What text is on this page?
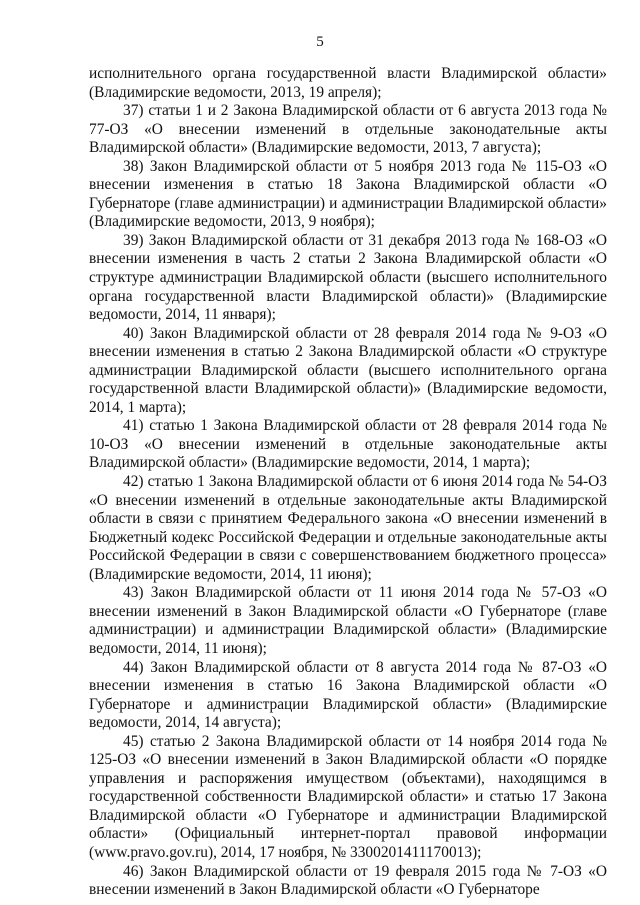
5

исполнительного органа государственной власти Владимирской области» (Владимирские ведомости, 2013, 19 апреля);

37) статьи 1 и 2 Закона Владимирской области от 6 августа 2013 года № 77-ОЗ «О внесении изменений в отдельные законодательные акты Владимирской области» (Владимирские ведомости, 2013, 7 августа);

38) Закон Владимирской области от 5 ноября 2013 года № 115-ОЗ «О внесении изменения в статью 18 Закона Владимирской области «О Губернаторе (главе администрации) и администрации Владимирской области» (Владимирские ведомости, 2013, 9 ноября);

39) Закон Владимирской области от 31 декабря 2013 года № 168-ОЗ «О внесении изменения в часть 2 статьи 2 Закона Владимирской области «О структуре администрации Владимирской области (высшего исполнительного органа государственной власти Владимирской области)» (Владимирские ведомости, 2014, 11 января);

40) Закон Владимирской области от 28 февраля 2014 года № 9-ОЗ «О внесении изменения в статью 2 Закона Владимирской области «О структуре администрации Владимирской области (высшего исполнительного органа государственной власти Владимирской области)» (Владимирские ведомости, 2014, 1 марта);

41) статью 1 Закона Владимирской области от 28 февраля 2014 года № 10-ОЗ «О внесении изменений в отдельные законодательные акты Владимирской области» (Владимирские ведомости, 2014, 1 марта);

42) статью 1 Закона Владимирской области от 6 июня 2014 года № 54-ОЗ «О внесении изменений в отдельные законодательные акты Владимирской области в связи с принятием Федерального закона «О внесении изменений в Бюджетный кодекс Российской Федерации и отдельные законодательные акты Российской Федерации в связи с совершенствованием бюджетного процесса» (Владимирские ведомости, 2014, 11 июня);

43) Закон Владимирской области от 11 июня 2014 года № 57-ОЗ «О внесении изменений в Закон Владимирской области «О Губернаторе (главе администрации) и администрации Владимирской области» (Владимирские ведомости, 2014, 11 июня);

44) Закон Владимирской области от 8 августа 2014 года № 87-ОЗ «О внесении изменения в статью 16 Закона Владимирской области «О Губернаторе и администрации Владимирской области» (Владимирские ведомости, 2014, 14 августа);

45) статью 2 Закона Владимирской области от 14 ноября 2014 года № 125-ОЗ «О внесении изменений в Закон Владимирской области «О порядке управления и распоряжения имуществом (объектами), находящимся в государственной собственности Владимирской области» и статью 17 Закона Владимирской области «О Губернаторе и администрации Владимирской области» (Официальный интернет-портал правовой информации (www.pravo.gov.ru), 2014, 17 ноября, № 3300201411170013);

46) Закон Владимирской области от 19 февраля 2015 года № 7-ОЗ «О внесении изменений в Закон Владимирской области «О Губернаторе
